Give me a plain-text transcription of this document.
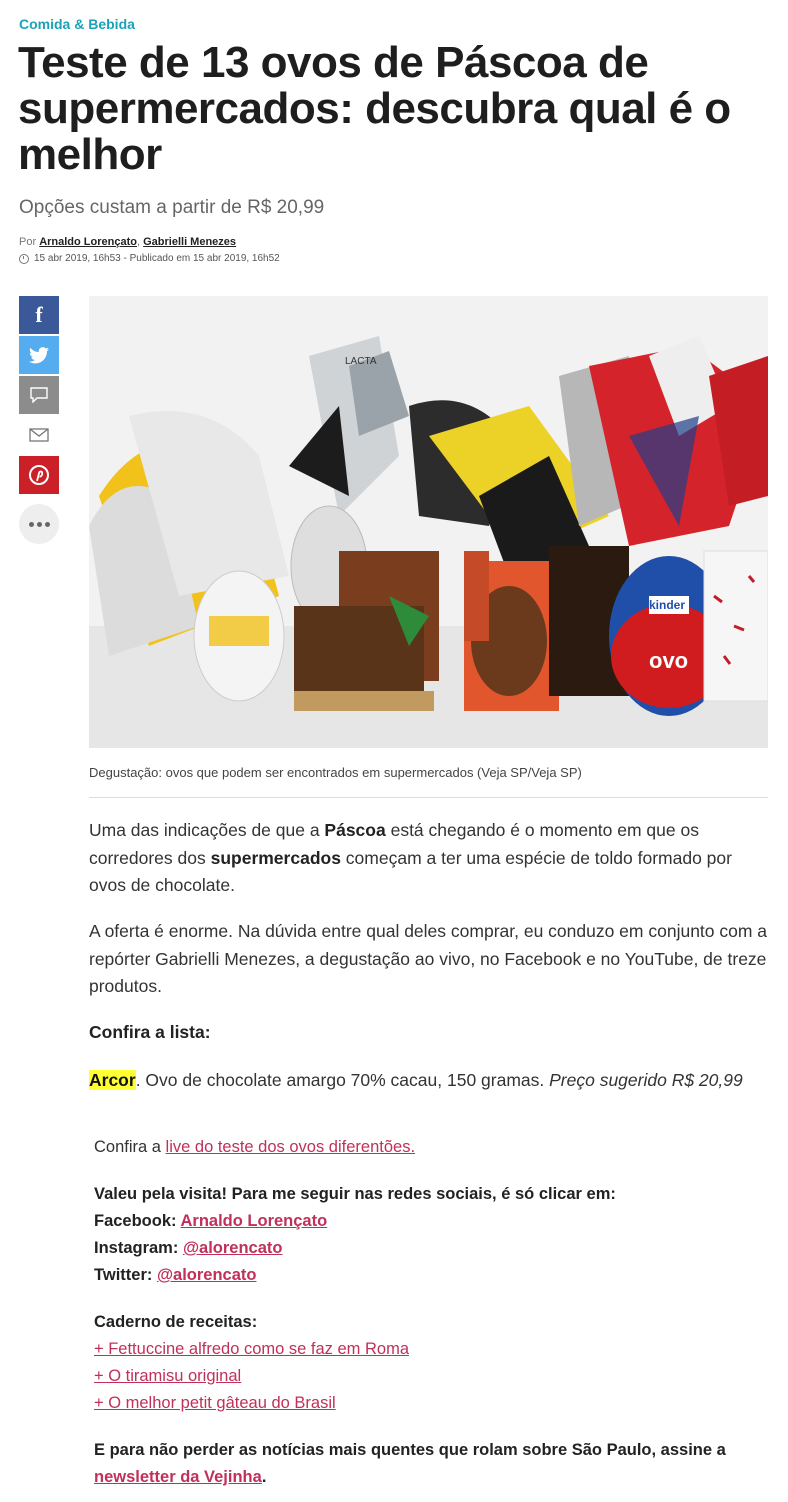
Comida & Bebida
Teste de 13 ovos de Páscoa de supermercados: descubra qual é o melhor
Opções custam a partir de R$ 20,99
Por Arnaldo Lorençato, Gabrielli Menezes
15 abr 2019, 16h53 - Publicado em 15 abr 2019, 16h52
f
LACTA
kinder
ovo
Degustação: ovos que podem ser encontrados em supermercados (Veja SP/Veja SP)

Uma das indicações de que a Páscoa está chegando é o momento em que os corredores dos supermercados começam a ter uma espécie de toldo formado por ovos de chocolate.

A oferta é enorme. Na dúvida entre qual deles comprar, eu conduzo em conjunto com a repórter Gabrielli Menezes, a degustação ao vivo, no Facebook e no YouTube, de treze produtos.

Confira a lista:

Arcor. Ovo de chocolate amargo 70% cacau, 150 gramas. Preço sugerido R$ 20,99

Confira a live do teste dos ovos diferentões.

Valeu pela visita! Para me seguir nas redes sociais, é só clicar em:
Facebook: Arnaldo Lorençato
Instagram: @alorencato
Twitter: @alorencato

Caderno de receitas:
+ Fettuccine alfredo como se faz em Roma
+ O tiramisu original
+ O melhor petit gâteau do Brasil

E para não perder as notícias mais quentes que rolam sobre São Paulo, assine a newsletter da Vejinha.
